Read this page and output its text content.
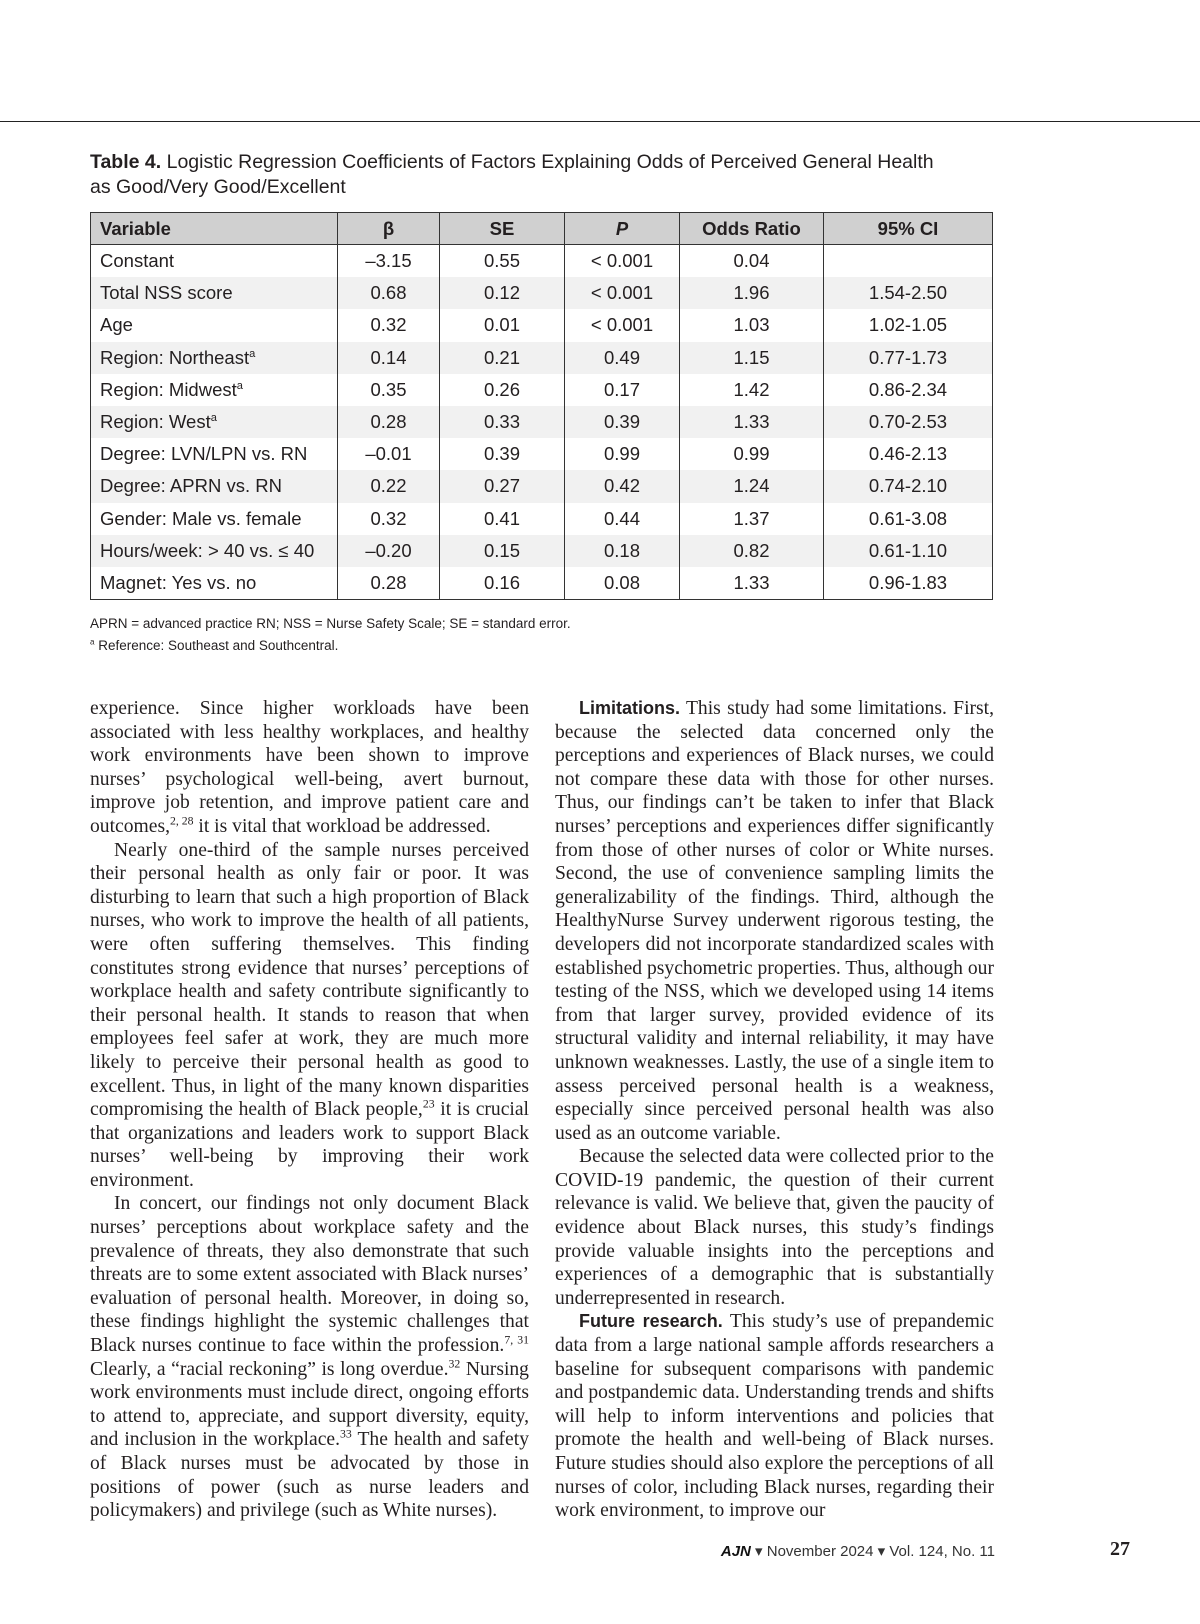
Table 4. Logistic Regression Coefficients of Factors Explaining Odds of Perceived General Health as Good/Very Good/Excellent
Variable	β	SE	P	Odds Ratio	95% CI
Constant	–3.15	0.55	< 0.001	0.04	
Total NSS score	0.68	0.12	< 0.001	1.96	1.54-2.50
Age	0.32	0.01	< 0.001	1.03	1.02-1.05
Region: Northeast$^a$	0.14	0.21	0.49	1.15	0.77-1.73
Region: Midwest$^a$	0.35	0.26	0.17	1.42	0.86-2.34
Region: West$^a$	0.28	0.33	0.39	1.33	0.70-2.53
Degree: LVN/LPN vs. RN	–0.01	0.39	0.99	0.99	0.46-2.13
Degree: APRN vs. RN	0.22	0.27	0.42	1.24	0.74-2.10
Gender: Male vs. female	0.32	0.41	0.44	1.37	0.61-3.08
Hours/week: > 40 vs. ≤ 40	–0.20	0.15	0.18	0.82	0.61-1.10
Magnet: Yes vs. no	0.28	0.16	0.08	1.33	0.96-1.83
APRN = advanced practice RN; NSS = Nurse Safety Scale; SE = standard error.
$^a$ Reference: Southeast and Southcentral.

experience. Since higher workloads have been associated with less healthy workplaces, and healthy work environments have been shown to improve nurses’ psychological well-being, avert burnout, improve job retention, and improve patient care and outcomes,$^{2, 28}$ it is vital that workload be addressed.

Nearly one-third of the sample nurses perceived their personal health as only fair or poor. It was disturbing to learn that such a high proportion of Black nurses, who work to improve the health of all patients, were often suffering themselves. This finding constitutes strong evidence that nurses’ perceptions of workplace health and safety contribute significantly to their personal health. It stands to reason that when employees feel safer at work, they are much more likely to perceive their personal health as good to excellent. Thus, in light of the many known disparities compromising the health of Black people,$^{23}$ it is crucial that organizations and leaders work to support Black nurses’ well-being by improving their work environment.

In concert, our findings not only document Black nurses’ perceptions about workplace safety and the prevalence of threats, they also demonstrate that such threats are to some extent associated with Black nurses’ evaluation of personal health. Moreover, in doing so, these findings highlight the systemic challenges that Black nurses continue to face within the profession.$^{7, 31}$ Clearly, a “racial reckoning” is long overdue.$^{32}$ Nursing work environments must include direct, ongoing efforts to attend to, appreciate, and support diversity, equity, and inclusion in the workplace.$^{33}$ The health and safety of Black nurses must be advocated by those in positions of power (such as nurse leaders and policymakers) and privilege (such as White nurses).

Limitations. This study had some limitations. First, because the selected data concerned only the perceptions and experiences of Black nurses, we could not compare these data with those for other nurses. Thus, our findings can’t be taken to infer that Black nurses’ perceptions and experiences differ significantly from those of other nurses of color or White nurses. Second, the use of convenience sampling limits the generalizability of the findings. Third, although the HealthyNurse Survey underwent rigorous testing, the developers did not incorporate standardized scales with established psychometric properties. Thus, although our testing of the NSS, which we developed using 14 items from that larger survey, provided evidence of its structural validity and internal reliability, it may have unknown weaknesses. Lastly, the use of a single item to assess perceived personal health is a weakness, especially since perceived personal health was also used as an outcome variable.

Because the selected data were collected prior to the COVID-19 pandemic, the question of their current relevance is valid. We believe that, given the paucity of evidence about Black nurses, this study’s findings provide valuable insights into the perceptions and experiences of a demographic that is substantially underrepresented in research.

Future research. This study’s use of prepandemic data from a large national sample affords researchers a baseline for subsequent comparisons with pandemic and postpandemic data. Understanding trends and shifts will help to inform interventions and policies that promote the health and well-being of Black nurses. Future studies should also explore the perceptions of all nurses of color, including Black nurses, regarding their work environment, to improve our

AJN ▾ November 2024 ▾ Vol. 124, No. 11	27
